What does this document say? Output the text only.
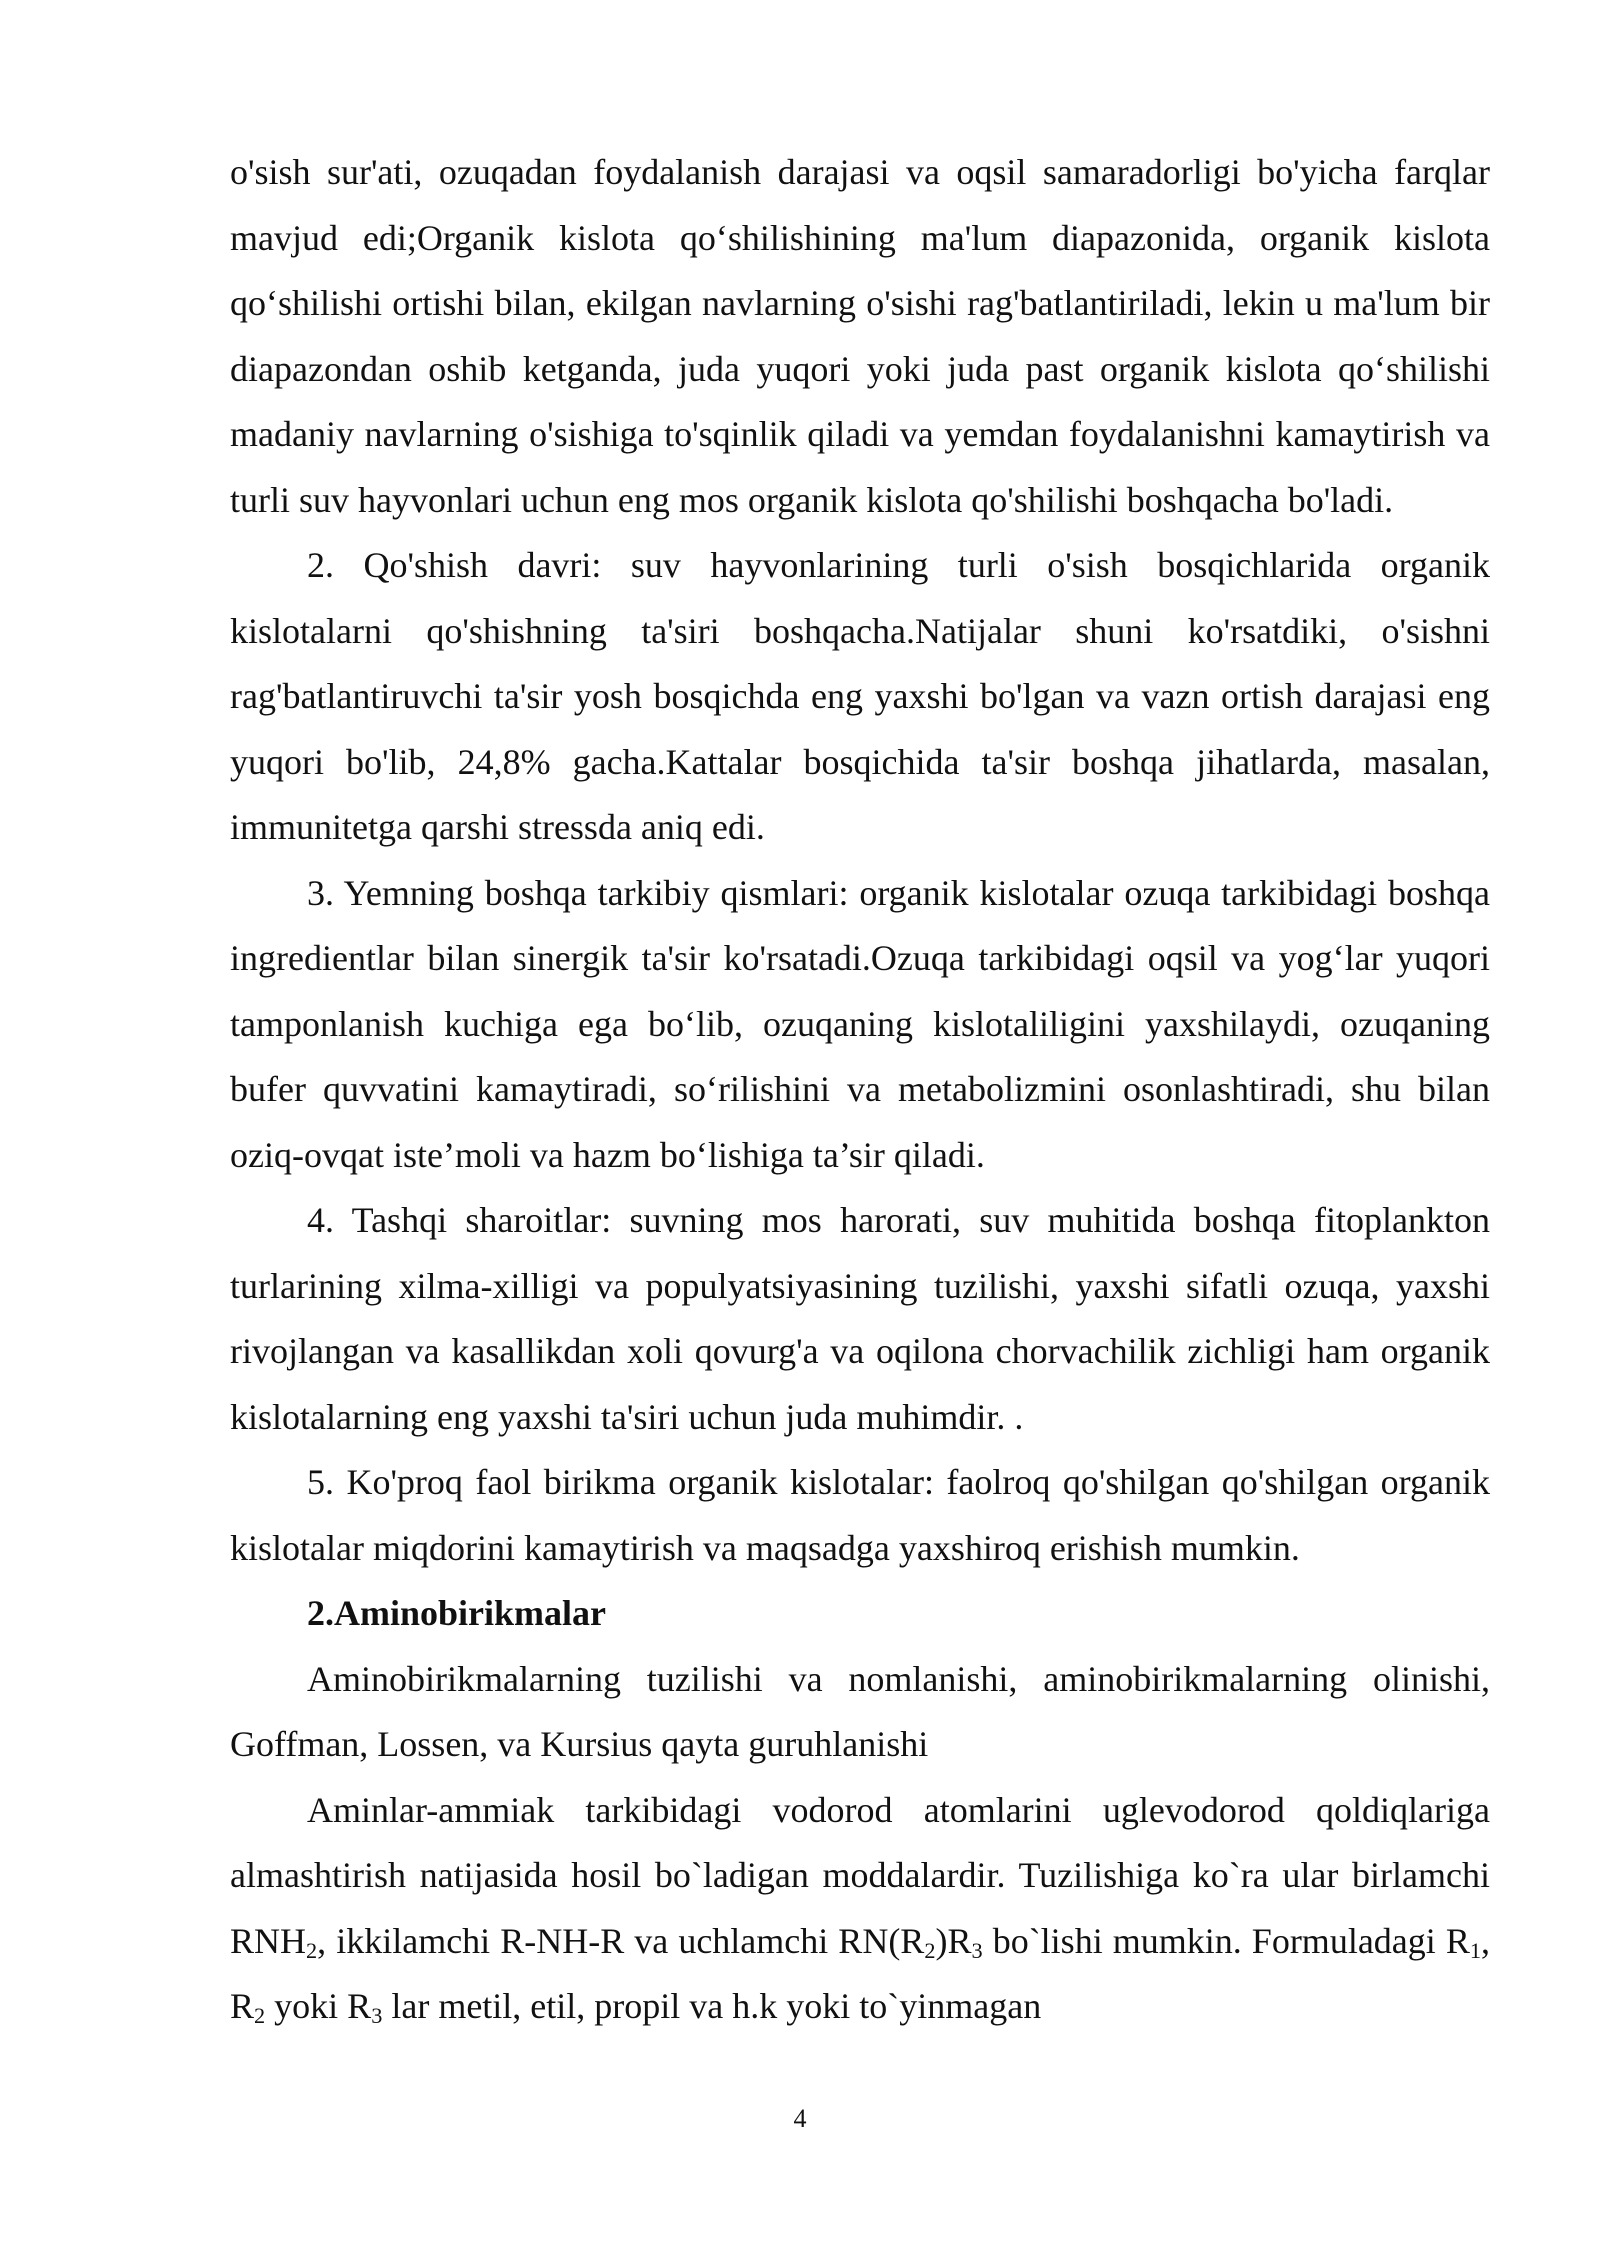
o'sish sur'ati, ozuqadan foydalanish darajasi va oqsil samaradorligi bo'yicha farqlar mavjud edi;Organik kislota qo‘shilishining ma'lum diapazonida, organik kislota qo‘shilishi ortishi bilan, ekilgan navlarning o'sishi rag'batlantiriladi, lekin u ma'lum bir diapazondan oshib ketganda, juda yuqori yoki juda past organik kislota qo‘shilishi madaniy navlarning o'sishiga to'sqinlik qiladi va yemdan foydalanishni kamaytirish va turli suv hayvonlari uchun eng mos organik kislota qo'shilishi boshqacha bo'ladi.

2. Qo'shish davri: suv hayvonlarining turli o'sish bosqichlarida organik kislotalarni qo'shishning ta'siri boshqacha.Natijalar shuni ko'rsatdiki, o'sishni rag'batlantiruvchi ta'sir yosh bosqichda eng yaxshi bo'lgan va vazn ortish darajasi eng yuqori bo'lib, 24,8% gacha.Kattalar bosqichida ta'sir boshqa jihatlarda, masalan, immunitetga qarshi stressda aniq edi.

3. Yemning boshqa tarkibiy qismlari: organik kislotalar ozuqa tarkibidagi boshqa ingredientlar bilan sinergik ta'sir ko'rsatadi.Ozuqa tarkibidagi oqsil va yog‘lar yuqori tamponlanish kuchiga ega bo‘lib, ozuqaning kislotaliligini yaxshilaydi, ozuqaning bufer quvvatini kamaytiradi, so‘rilishini va metabolizmini osonlashtiradi, shu bilan oziq-ovqat iste’moli va hazm bo‘lishiga ta’sir qiladi.

4. Tashqi sharoitlar: suvning mos harorati, suv muhitida boshqa fitoplankton turlarining xilma-xilligi va populyatsiyasining tuzilishi, yaxshi sifatli ozuqa, yaxshi rivojlangan va kasallikdan xoli qovurg'a va oqilona chorvachilik zichligi ham organik kislotalarning eng yaxshi ta'siri uchun juda muhimdir. .

5. Ko'proq faol birikma organik kislotalar: faolroq qo'shilgan qo'shilgan organik kislotalar miqdorini kamaytirish va maqsadga yaxshiroq erishish mumkin.

2.Aminobirikmalar

Aminobirikmalarning tuzilishi va nomlanishi, aminobirikmalarning olinishi, Goffman, Lossen, va Kursius qayta guruhlanishi

Aminlar-ammiak tarkibidagi vodorod atomlarini uglevodorod qoldiqlariga almashtirish natijasida hosil bo`ladigan moddalardir. Tuzilishiga ko`ra ular birlamchi $RNH_2$, ikkilamchi R-NH-R va uchlamchi $RN(R_2)R_3$ bo`lishi mumkin. Formuladagi $R_1$, $R_2$ yoki $R_3$ lar metil, etil, propil va h.k yoki to`yinmagan

4
